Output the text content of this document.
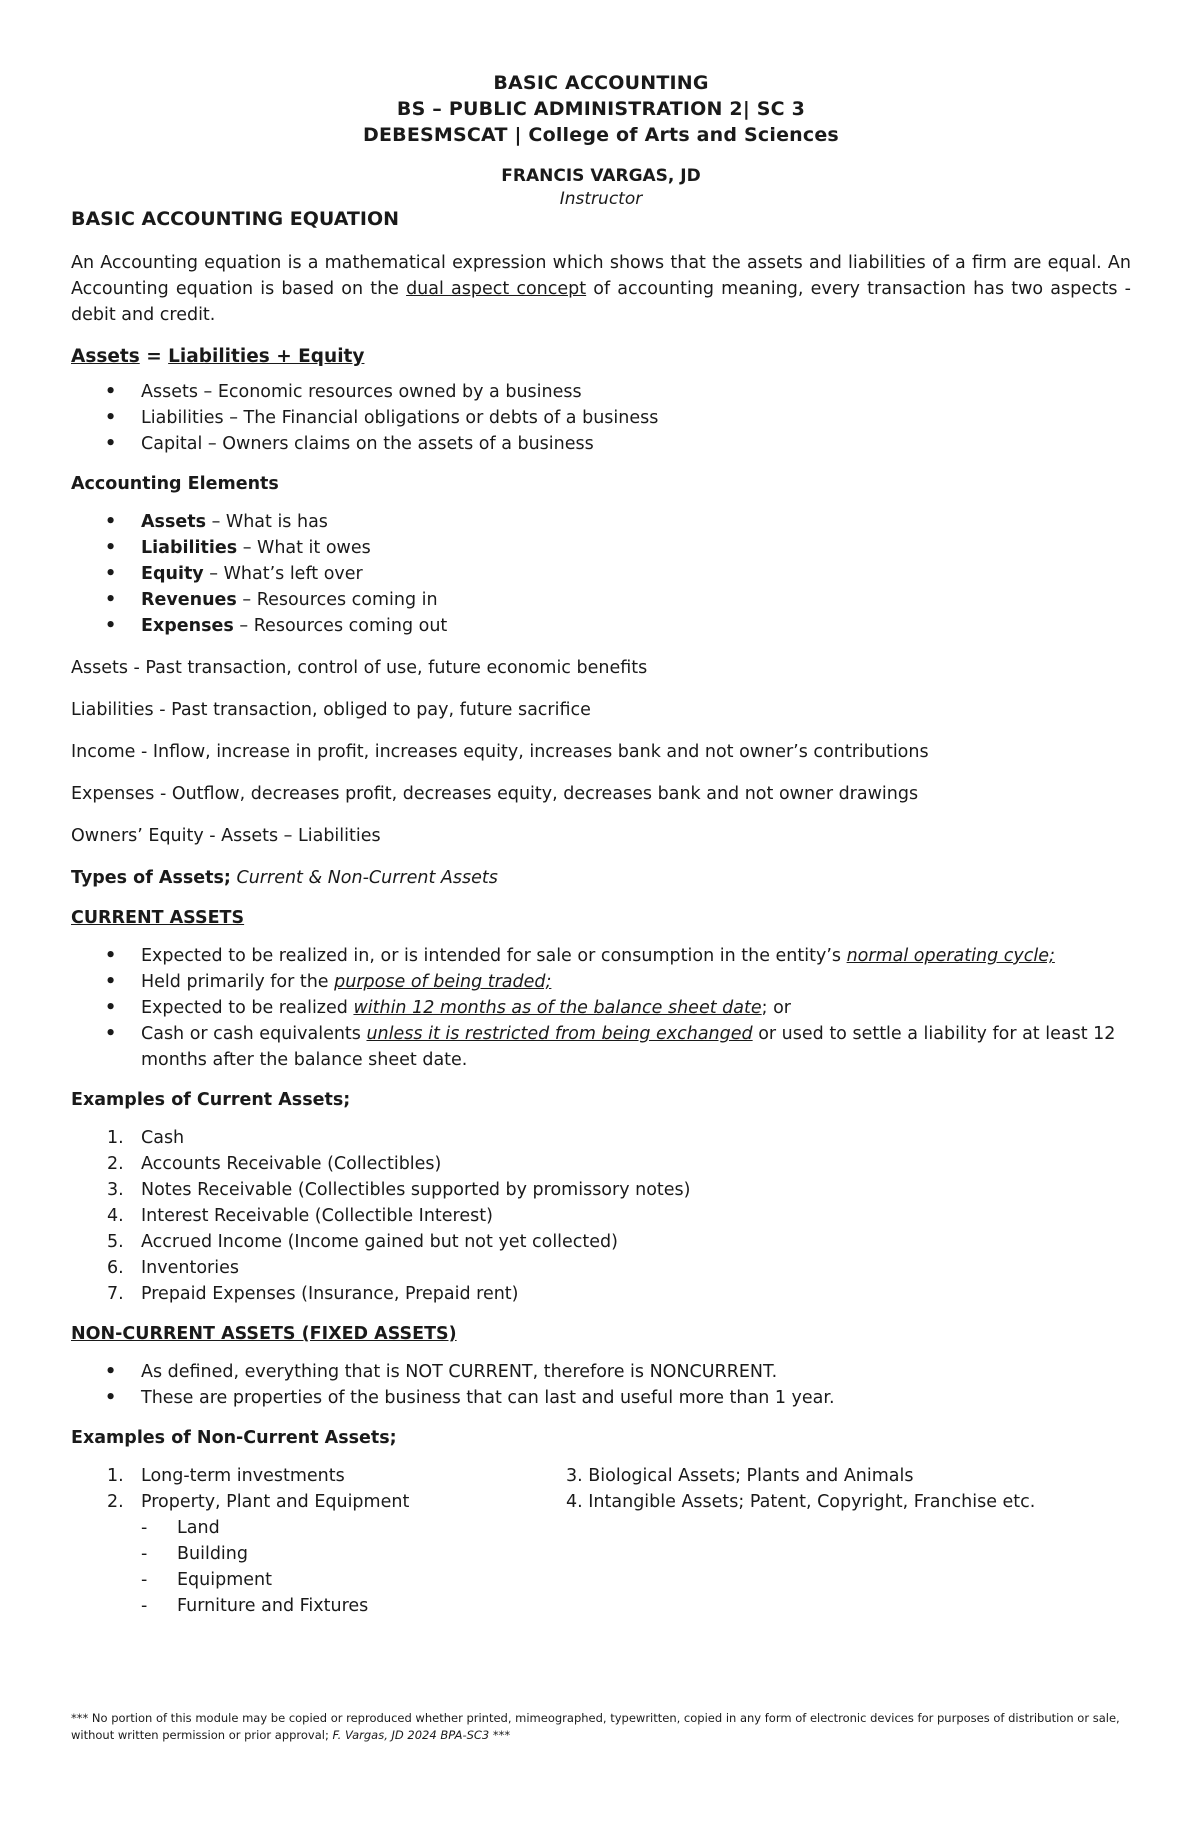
BASIC ACCOUNTING
BS – PUBLIC ADMINISTRATION 2| SC 3
DEBESMSCAT | College of Arts and Sciences
FRANCIS VARGAS, JD
Instructor
BASIC ACCOUNTING EQUATION

An Accounting equation is a mathematical expression which shows that the assets and liabilities of a firm are equal. An Accounting equation is based on the dual aspect concept of accounting meaning, every transaction has two aspects - debit and credit.

Assets = Liabilities + Equity
• Assets – Economic resources owned by a business
• Liabilities – The Financial obligations or debts of a business
• Capital – Owners claims on the assets of a business
Accounting Elements
• Assets – What is has
• Liabilities – What it owes
• Equity – What’s left over
• Revenues – Resources coming in
• Expenses – Resources coming out
Assets - Past transaction, control of use, future economic benefits
Liabilities - Past transaction, obliged to pay, future sacrifice
Income - Inflow, increase in profit, increases equity, increases bank and not owner’s contributions
Expenses - Outflow, decreases profit, decreases equity, decreases bank and not owner drawings
Owners’ Equity - Assets – Liabilities
Types of Assets; Current & Non-Current Assets
CURRENT ASSETS
• Expected to be realized in, or is intended for sale or consumption in the entity’s normal operating cycle;
• Held primarily for the purpose of being traded;
• Expected to be realized within 12 months as of the balance sheet date; or
• Cash or cash equivalents unless it is restricted from being exchanged or used to settle a liability for at least 12 months after the balance sheet date.
Examples of Current Assets;
1. Cash
2. Accounts Receivable (Collectibles)
3. Notes Receivable (Collectibles supported by promissory notes)
4. Interest Receivable (Collectible Interest)
5. Accrued Income (Income gained but not yet collected)
6. Inventories
7. Prepaid Expenses (Insurance, Prepaid rent)
NON-CURRENT ASSETS (FIXED ASSETS)
• As defined, everything that is NOT CURRENT, therefore is NONCURRENT.
• These are properties of the business that can last and useful more than 1 year.
Examples of Non-Current Assets;
1. Long-term investments
2. Property, Plant and Equipment
- Land
- Building
- Equipment
- Furniture and Fixtures
3. Biological Assets; Plants and Animals
4. Intangible Assets; Patent, Copyright, Franchise etc.
*** No portion of this module may be copied or reproduced whether printed, mimeographed, typewritten, copied in any form of electronic devices for purposes of distribution or sale, without written permission or prior approval; F. Vargas, JD 2024 BPA-SC3 ***
